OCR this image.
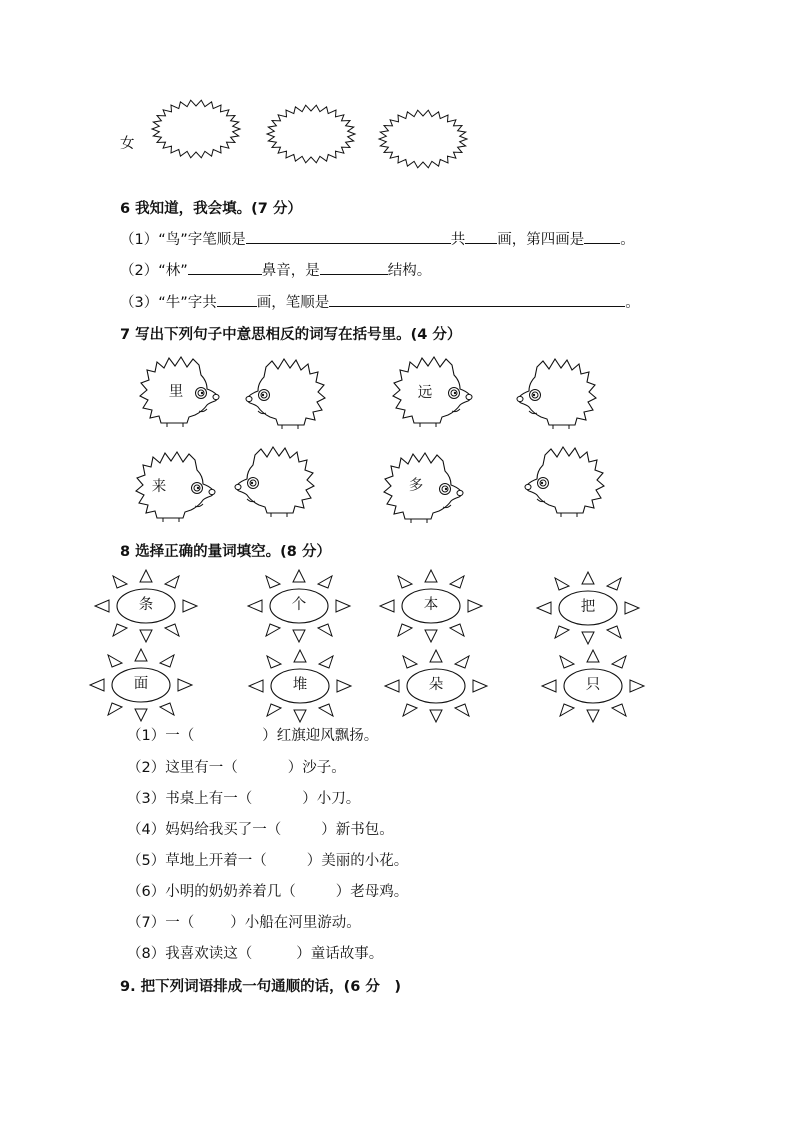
女
6 我知道，我会填。(7 分）
（1）“鸟”字笔顺是	共 画，第四画是 。
（2）“林”	鼻音，是	结构。
（3）“牛”字共	画，笔顺是	。
7 写出下列句子中意思相反的词写在括号里。(4 分）
里	远
来	多
8 选择正确的量词填空。(8 分）
条	个	本	把
面	堆	朵	只
（1）一（	）红旗迎风飘扬。
（2）这里有一（	）沙子。
（3）书桌上有一（	）小刀。
（4）妈妈给我买了一（	）新书包。
（5）草地上开着一（	）美丽的小花。
（6）小明的奶奶养着几（	）老母鸡。
（7）一（ ）小船在河里游动。
（8）我喜欢读这（	）童话故事。
9. 把下列词语排成一句通顺的话，(6 分　)
